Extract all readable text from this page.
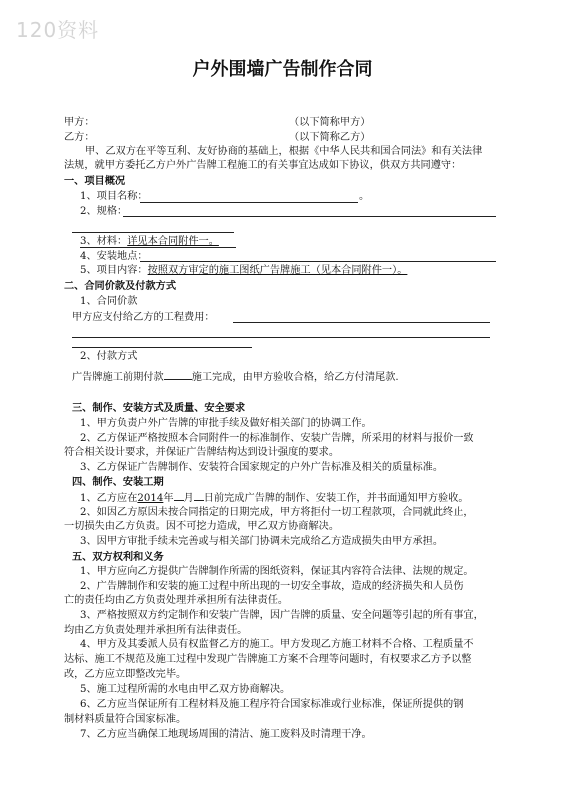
120资料
户外围墙广告制作合同
甲方：	（以下简称甲方）
乙方：	（以下简称乙方）
甲、乙双方在平等互利、友好协商的基础上，根据《中华人民共和国合同法》和有关法律
法规，就甲方委托乙方户外广告牌工程施工的有关事宜达成如下协议，供双方共同遵守：
一、项目概况
1、项目名称：	。
2、规格：
3、材料：详见本合同附件一。
4、安装地点：
5、项目内容：按照双方审定的施工图纸广告牌施工（见本合同附件一）。
二、合同价款及付款方式
1、合同价款
甲方应支付给乙方的工程费用：
2、付款方式
广告牌施工前期付款	施工完成，由甲方验收合格，给乙方付清尾款.
三、制作、安装方式及质量、安全要求
1、甲方负责户外广告牌的审批手续及做好相关部门的协调工作。
2、乙方保证严格按照本合同附件一的标准制作、安装广告牌，所采用的材料与报价一致
符合相关设计要求，并保证广告牌结构达到设计强度的要求。
3、乙方保证广告牌制作、安装符合国家规定的户外广告标准及相关的质量标准。
四、制作、安装工期
1、乙方应在2014年 月 日前完成广告牌的制作、安装工作，并书面通知甲方验收。
2、如因乙方原因未按合同指定的日期完成，甲方将拒付一切工程款项，合同就此终止，
一切损失由乙方负责。因不可挖力造成，甲乙双方协商解决。
3、因甲方审批手续未完善或与相关部门协调未完成给乙方造成损失由甲方承担。
五、双方权利和义务
1、甲方应向乙方提供广告牌制作所需的图纸资料，保证其内容符合法律、法规的规定。
2、广告牌制作和安装的施工过程中所出现的一切安全事故，造成的经济损失和人员伤
亡的责任均由乙方负责处理并承担所有法律责任。
3、严格按照双方约定制作和安装广告牌，因广告牌的质量、安全问题等引起的所有事宜，
均由乙方负责处理并承担所有法律责任。
4、甲方及其委派人员有权监督乙方的施工。甲方发现乙方施工材料不合格、工程质量不
达标、施工不规范及施工过程中发现广告牌施工方案不合理等问题时，有权要求乙方予以整
改，乙方应立即整改完毕。
5、施工过程所需的水电由甲乙双方协商解决。
6、乙方应当保证所有工程材料及施工程序符合国家标准或行业标准，保证所提供的钢
制材料质量符合国家标准。
7、乙方应当确保工地现场周围的清洁、施工废料及时清理干净。
